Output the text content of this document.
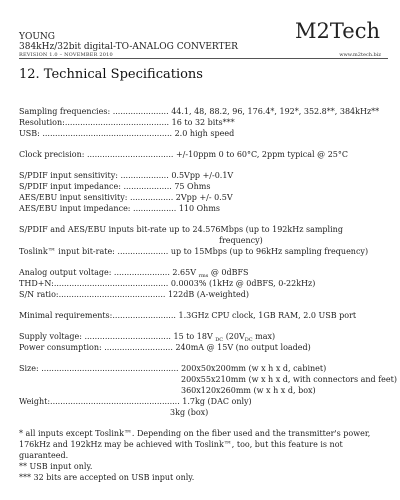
YOUNG
384kHz/32bit digital-TO-ANALOG CONVERTER
REVISION 1.0 – NOVEMBER 2010	www.m2tech.biz
M2Tech
12. Technical Specifications
Sampling frequencies: ...................... 44.1, 48, 88.2, 96, 176.4*, 192*, 352.8**, 384kHz**
Resolution:......................................... 16 to 32 bits***
USB: ................................................... 2.0 high speed
Clock precision: .................................. +/-10ppm 0 to 60°C, 2ppm typical @ 25°C
S/PDIF input sensitivity: ................... 0.5Vpp +/-0.1V
S/PDIF input impedance: ................... 75 Ohms
AES/EBU input sensitivity: ................. 2Vpp +/- 0.5V
AES/EBU input impedance: ................. 110 Ohms
S/PDIF and AES/EBU inputs bit-rate up to 24.576Mbps (up to 192kHz sampling
frequency)
Toslink™ input bit-rate: .................... up to 15Mbps (up to 96kHz sampling frequency)
Analog output voltage: ...................... 2.65V $_{rms}$ @ 0dBFS
THD+N:............................................. 0.0003% (1kHz @ 0dBFS, 0-22kHz)
S/N ratio:.......................................... 122dB (A-weighted)
Minimal requirements:......................... 1.3GHz CPU clock, 1GB RAM, 2.0 USB port
Supply voltage: .................................. 15 to 18V $_{DC}$ ($20V_{DC}$ max)
Power consumption: ........................... 240mA @ 15V (no output loaded)
Size: ...................................................... 200x50x200mm (w x h x d, cabinet)
200x55x210mm (w x h x d, with connectors and feet)
360x120x260mm (w x h x d, box)
Weight:................................................... 1.7kg (DAC only)
3kg (box)
* all inputs except Toslink™. Depending on the fiber used and the transmitter's power, 176kHz and 192kHz may be achieved with Toslink™, too, but this feature is not guaranteed.
** USB input only.
*** 32 bits are accepted on USB input only.
